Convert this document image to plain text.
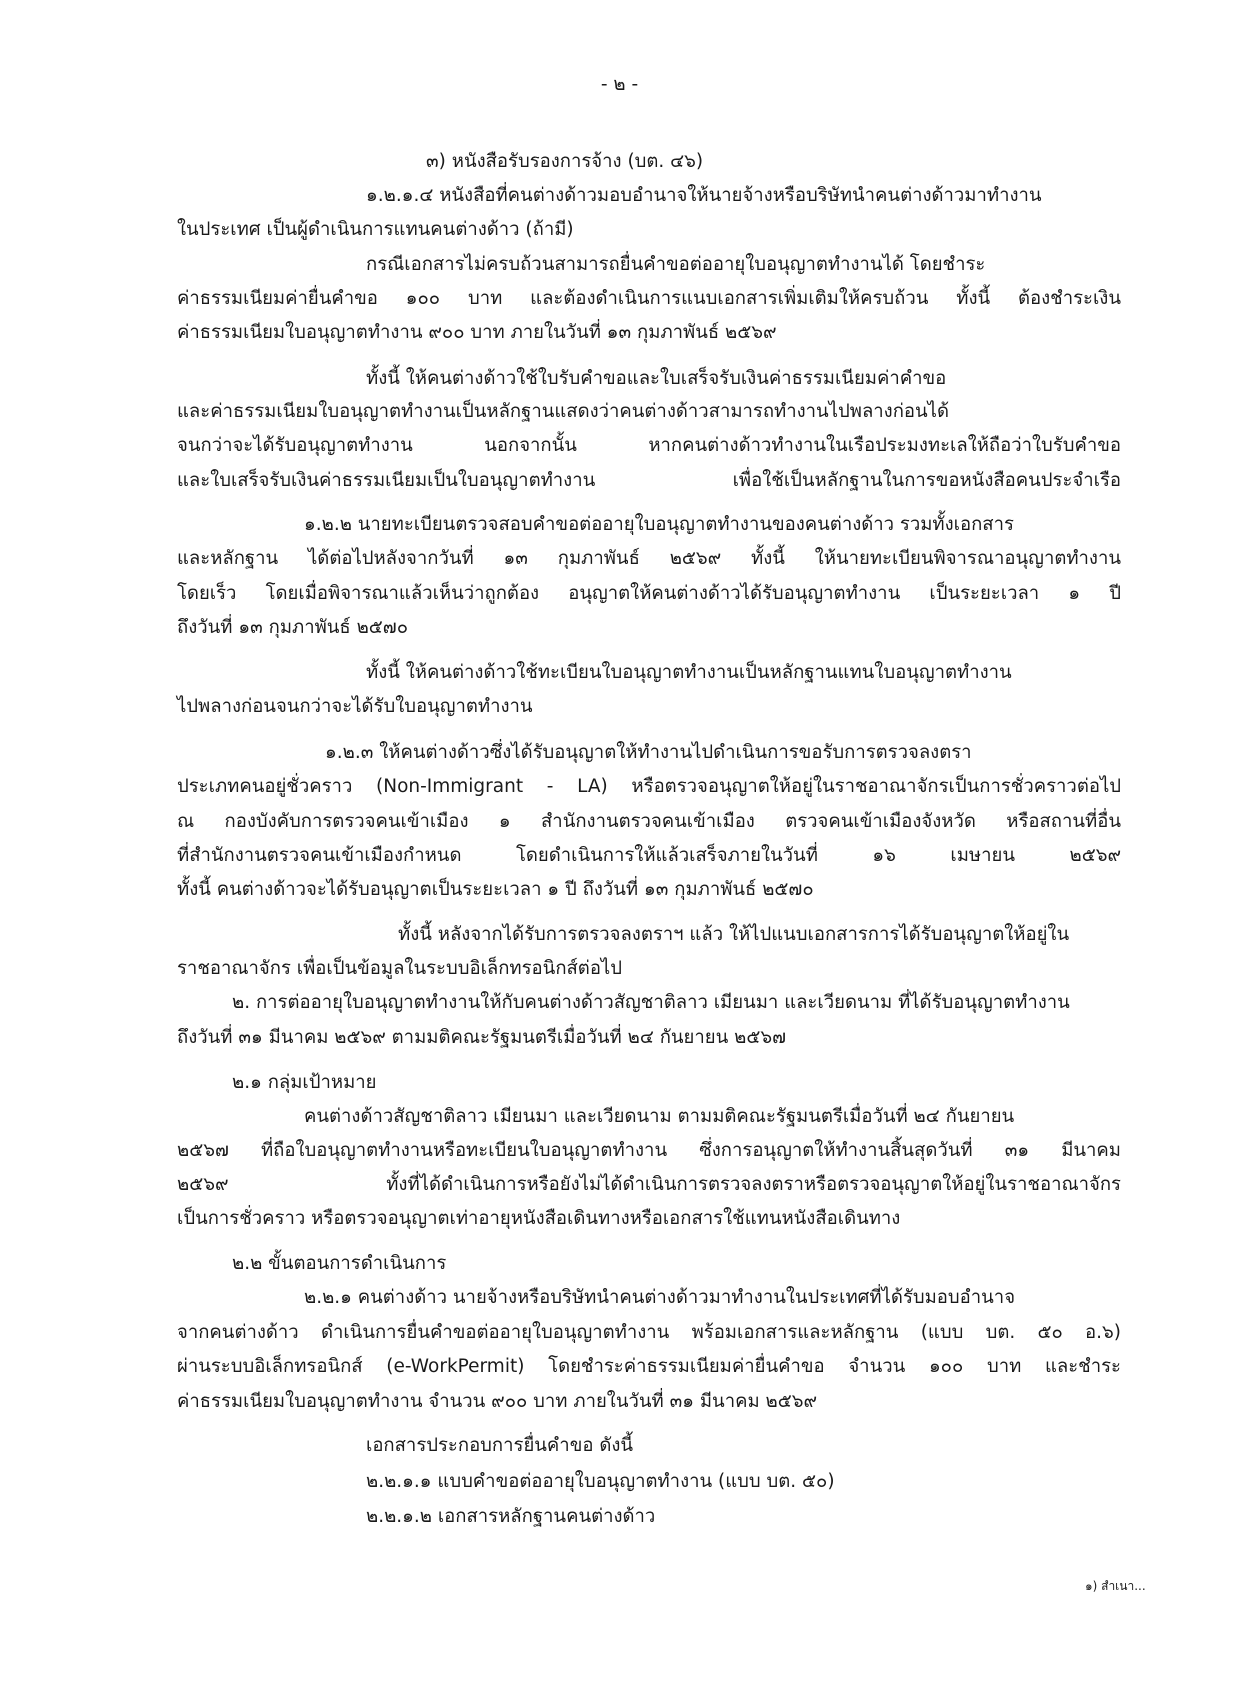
- ๒ -
๓) หนังสือรับรองการจ้าง (บต. ๔๖)
๑.๒.๑.๔ หนังสือที่คนต่างด้าวมอบอำนาจให้นายจ้างหรือบริษัทนำคนต่างด้าวมาทำงาน
ในประเทศ เป็นผู้ดำเนินการแทนคนต่างด้าว (ถ้ามี)
กรณีเอกสารไม่ครบถ้วนสามารถยื่นคำขอต่ออายุใบอนุญาตทำงานได้ โดยชำระ
ค่าธรรมเนียมค่ายื่นคำขอ ๑๐๐ บาท และต้องดำเนินการแนบเอกสารเพิ่มเติมให้ครบถ้วน ทั้งนี้ ต้องชำระเงิน
ค่าธรรมเนียมใบอนุญาตทำงาน ๙๐๐ บาท ภายในวันที่ ๑๓ กุมภาพันธ์ ๒๕๖๙
ทั้งนี้ ให้คนต่างด้าวใช้ใบรับคำขอและใบเสร็จรับเงินค่าธรรมเนียมค่าคำขอ
และค่าธรรมเนียมใบอนุญาตทำงานเป็นหลักฐานแสดงว่าคนต่างด้าวสามารถทำงานไปพลางก่อนได้
จนกว่าจะได้รับอนุญาตทำงาน นอกจากนั้น หากคนต่างด้าวทำงานในเรือประมงทะเลให้ถือว่าใบรับคำขอ
และใบเสร็จรับเงินค่าธรรมเนียมเป็นใบอนุญาตทำงาน เพื่อใช้เป็นหลักฐานในการขอหนังสือคนประจำเรือ
๑.๒.๒ นายทะเบียนตรวจสอบคำขอต่ออายุใบอนุญาตทำงานของคนต่างด้าว รวมทั้งเอกสาร
และหลักฐาน ได้ต่อไปหลังจากวันที่ ๑๓ กุมภาพันธ์ ๒๕๖๙ ทั้งนี้ ให้นายทะเบียนพิจารณาอนุญาตทำงาน
โดยเร็ว โดยเมื่อพิจารณาแล้วเห็นว่าถูกต้อง อนุญาตให้คนต่างด้าวได้รับอนุญาตทำงาน เป็นระยะเวลา ๑ ปี
ถึงวันที่ ๑๓ กุมภาพันธ์ ๒๕๗๐
ทั้งนี้ ให้คนต่างด้าวใช้ทะเบียนใบอนุญาตทำงานเป็นหลักฐานแทนใบอนุญาตทำงาน
ไปพลางก่อนจนกว่าจะได้รับใบอนุญาตทำงาน
๑.๒.๓ ให้คนต่างด้าวซึ่งได้รับอนุญาตให้ทำงานไปดำเนินการขอรับการตรวจลงตรา
ประเภทคนอยู่ชั่วคราว (Non-Immigrant - LA) หรือตรวจอนุญาตให้อยู่ในราชอาณาจักรเป็นการชั่วคราวต่อไป
ณ กองบังคับการตรวจคนเข้าเมือง ๑ สำนักงานตรวจคนเข้าเมือง ตรวจคนเข้าเมืองจังหวัด หรือสถานที่อื่น
ที่สำนักงานตรวจคนเข้าเมืองกำหนด โดยดำเนินการให้แล้วเสร็จภายในวันที่ ๑๖ เมษายน ๒๕๖๙
ทั้งนี้ คนต่างด้าวจะได้รับอนุญาตเป็นระยะเวลา ๑ ปี ถึงวันที่ ๑๓ กุมภาพันธ์ ๒๕๗๐
ทั้งนี้ หลังจากได้รับการตรวจลงตราฯ แล้ว ให้ไปแนบเอกสารการได้รับอนุญาตให้อยู่ใน
ราชอาณาจักร เพื่อเป็นข้อมูลในระบบอิเล็กทรอนิกส์ต่อไป
๒. การต่ออายุใบอนุญาตทำงานให้กับคนต่างด้าวสัญชาติลาว เมียนมา และเวียดนาม ที่ได้รับอนุญาตทำงาน
ถึงวันที่ ๓๑ มีนาคม ๒๕๖๙ ตามมติคณะรัฐมนตรีเมื่อวันที่ ๒๔ กันยายน ๒๕๖๗
๒.๑ กลุ่มเป้าหมาย
คนต่างด้าวสัญชาติลาว เมียนมา และเวียดนาม ตามมติคณะรัฐมนตรีเมื่อวันที่ ๒๔ กันยายน
๒๕๖๗ ที่ถือใบอนุญาตทำงานหรือทะเบียนใบอนุญาตทำงาน ซึ่งการอนุญาตให้ทำงานสิ้นสุดวันที่ ๓๑ มีนาคม
๒๕๖๙ ทั้งที่ได้ดำเนินการหรือยังไม่ได้ดำเนินการตรวจลงตราหรือตรวจอนุญาตให้อยู่ในราชอาณาจักร
เป็นการชั่วคราว หรือตรวจอนุญาตเท่าอายุหนังสือเดินทางหรือเอกสารใช้แทนหนังสือเดินทาง
๒.๒ ขั้นตอนการดำเนินการ
๒.๒.๑ คนต่างด้าว นายจ้างหรือบริษัทนำคนต่างด้าวมาทำงานในประเทศที่ได้รับมอบอำนาจ
จากคนต่างด้าว ดำเนินการยื่นคำขอต่ออายุใบอนุญาตทำงาน พร้อมเอกสารและหลักฐาน (แบบ บต. ๕๐ อ.๖)
ผ่านระบบอิเล็กทรอนิกส์ (e-WorkPermit) โดยชำระค่าธรรมเนียมค่ายื่นคำขอ จำนวน ๑๐๐ บาท และชำระ
ค่าธรรมเนียมใบอนุญาตทำงาน จำนวน ๙๐๐ บาท ภายในวันที่ ๓๑ มีนาคม ๒๕๖๙
เอกสารประกอบการยื่นคำขอ ดังนี้
๒.๒.๑.๑ แบบคำขอต่ออายุใบอนุญาตทำงาน (แบบ บต. ๕๐)
๒.๒.๑.๒ เอกสารหลักฐานคนต่างด้าว
๑) สำเนา...
